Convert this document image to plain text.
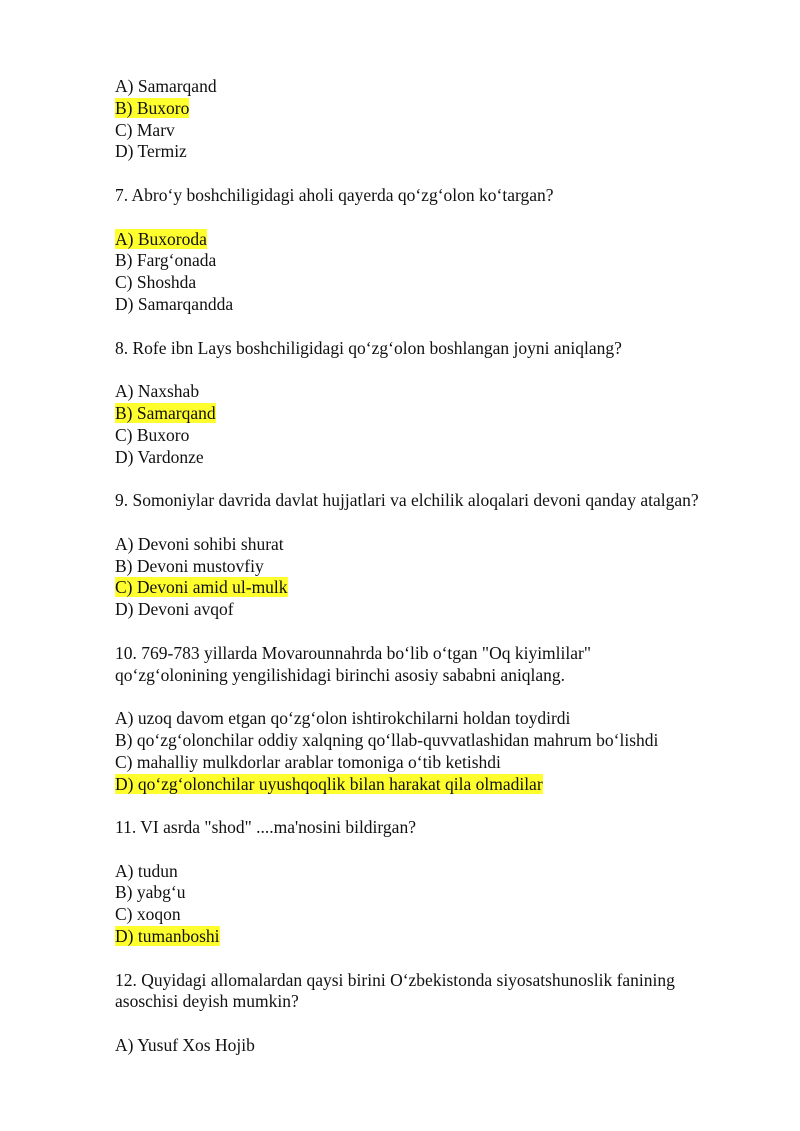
A) Samarqand
B) Buxoro
C) Marv
D) Termiz
7. Abro‘y boshchiligidagi aholi qayerda qo‘zg‘olon ko‘targan?
A) Buxoroda
B) Farg‘onada
C) Shoshda
D) Samarqandda
8. Rofe ibn Lays boshchiligidagi qo‘zg‘olon boshlangan joyni aniqlang?
A) Naxshab
B) Samarqand
C) Buxoro
D) Vardonze
9. Somoniylar davrida davlat hujjatlari va elchilik aloqalari devoni qanday atalgan?
A) Devoni sohibi shurat
B) Devoni mustovfiy
C) Devoni amid ul-mulk
D) Devoni avqof
10. 769-783 yillarda Movarounnahrda bo‘lib o‘tgan "Oq kiyimlilar"
qo‘zg‘olonining yengilishidagi birinchi asosiy sababni aniqlang.
A) uzoq davom etgan qo‘zg‘olon ishtirokchilarni holdan toydirdi
B) qo‘zg‘olonchilar oddiy xalqning qo‘llab-quvvatlashidan mahrum bo‘lishdi
C) mahalliy mulkdorlar arablar tomoniga o‘tib ketishdi
D) qo‘zg‘olonchilar uyushqoqlik bilan harakat qila olmadilar
11. VI asrda "shod" ....ma'nosini bildirgan?
A) tudun
B) yabg‘u
C) xoqon
D) tumanboshi
12. Quyidagi allomalardan qaysi birini O‘zbekistonda siyosatshunoslik fanining
asoschisi deyish mumkin?
A) Yusuf Xos Hojib
